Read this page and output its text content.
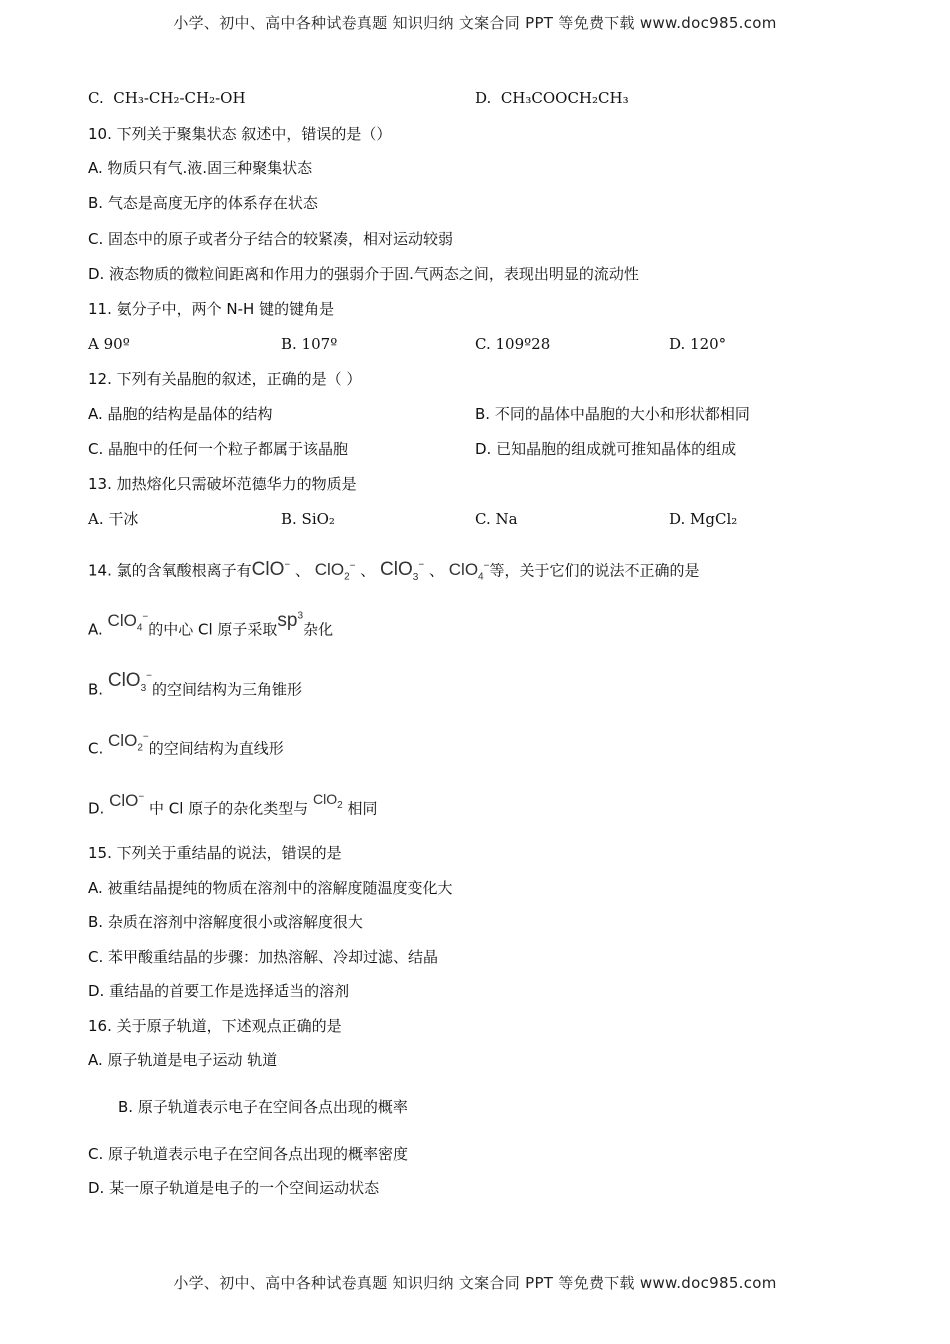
小学、初中、高中各种试卷真题 知识归纳 文案合同 PPT 等免费下载 www.doc985.com
C. CH₃-CH₂-CH₂-OH	D. CH₃COOCH₂CH₃
10. 下列关于聚集状态 叙述中，错误的是（）
A. 物质只有气.液.固三种聚集状态
B. 气态是高度无序的体系存在状态
C. 固态中的原子或者分子结合的较紧凑，相对运动较弱
D. 液态物质的微粒间距离和作用力的强弱介于固.气两态之间，表现出明显的流动性
11. 氨分子中，两个 N-H 键的键角是
A 90º	B. 107º	C. 109º28	D. 120°
12. 下列有关晶胞的叙述，正确的是（ ）
A. 晶胞的结构是晶体的结构	B. 不同的晶体中晶胞的大小和形状都相同
C. 晶胞中的任何一个粒子都属于该晶胞	D. 已知晶胞的组成就可推知晶体的组成
13. 加热熔化只需破坏范德华力的物质是
A. 干冰	B. SiO₂	C. Na	D. MgCl₂
14. 氯的含氧酸根离子有ClO− 、 ClO$_2$− 、 ClO$_3$− 、 ClO$_4$−等，关于它们的说法不正确的是
A. ClO$_4$−的中心 Cl 原子采取$sp^3$杂化
B. ClO$_3$−的空间结构为三角锥形
C. ClO$_2$−的空间结构为直线形
D. ClO− 中 Cl 原子的杂化类型与 ClO$_2$ 相同
15. 下列关于重结晶的说法，错误的是
A. 被重结晶提纯的物质在溶剂中的溶解度随温度变化大
B. 杂质在溶剂中溶解度很小或溶解度很大
C. 苯甲酸重结晶的步骤：加热溶解、冷却过滤、结晶
D. 重结晶的首要工作是选择适当的溶剂
16. 关于原子轨道，下述观点正确的是
A. 原子轨道是电子运动 轨道
B. 原子轨道表示电子在空间各点出现的概率
C. 原子轨道表示电子在空间各点出现的概率密度
D. 某一原子轨道是电子的一个空间运动状态
小学、初中、高中各种试卷真题 知识归纳 文案合同 PPT 等免费下载 www.doc985.com
